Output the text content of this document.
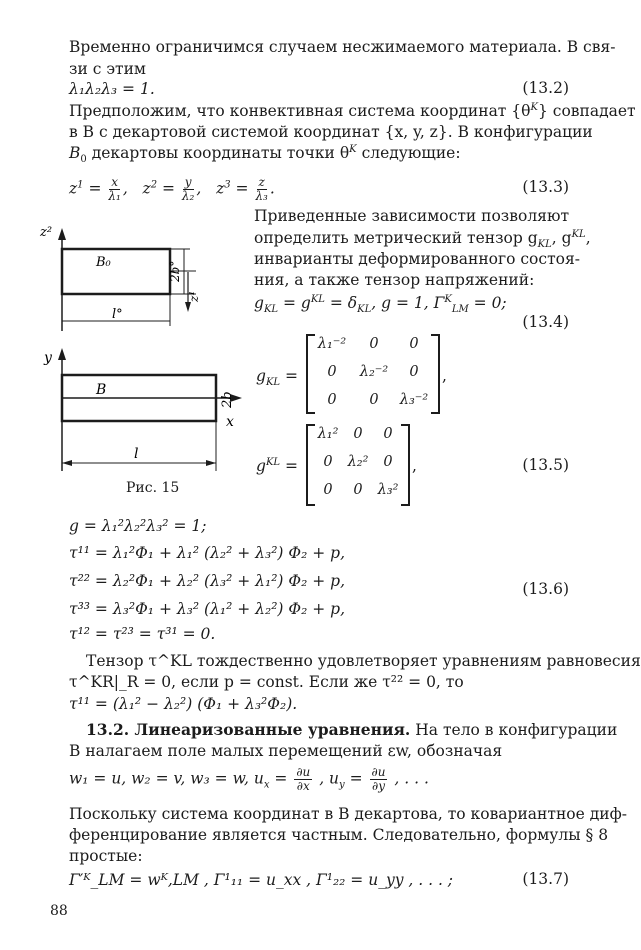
Временно ограничимся случаем несжимаемого материала. В свя-
зи с этим
λ₁λ₂λ₃ = 1.	(13.2)
Предположим, что конвективная система координат $\{\theta^K\}$ совпадает
в B с декартовой системой координат {x, y, z}. В конфигурации
$B_0$ декартовы координаты точки $\theta^K$ следующие:
$z^1 = \frac{x}{\text{λ₁}}$ ,   $z^2 = \frac{y}{\text{λ₂}}$ ,   $z^3 = \frac{z}{\text{λ₃}}$ .	(13.3)
z²
B₀	2b°
l°
z¹
y
x
B
2b
l
Рис. 15
Приведенные зависимости позволяют
определить метрический тензор $g_{KL}$, $g^{KL}$,
инварианты деформированного состоя-
ния, а также тензор напряжений:
$g_{KL} = g^{KL} = \delta_{KL}$, g = 1, $\Gamma^K_{LM} = 0$;
(13.4)
$g_{KL}$ =
λ₁⁻²	0	0
0	λ₂⁻²	0
0	0	λ₃⁻²
,
$g^{KL}$ =
λ₁²	0	0
0	λ₂²	0
0	0	λ₃²
,	(13.5)
g = λ₁²λ₂²λ₃² = 1;
τ¹¹ = λ₁²Φ₁ + λ₁² (λ₂² + λ₃²) Φ₂ + p,
τ²² = λ₂²Φ₁ + λ₂² (λ₃² + λ₁²) Φ₂ + p,
τ³³ = λ₃²Φ₁ + λ₃² (λ₁² + λ₂²) Φ₂ + p,
τ¹² = τ²³ = τ³¹ = 0.
(13.6)
Тензор τ^KL тождественно удовлетворяет уравнениям равновесия
τ^KR|_R = 0, если p = const. Если же τ²² = 0, то
τ¹¹ = (λ₁² − λ₂²) (Φ₁ + λ₃²Φ₂).
13.2. Линеаризованные уравнения. На тело в конфигурации
B налагаем поле малых перемещений εw, обозначая
w₁ = u, w₂ = v, w₃ = w, $u_x = \frac{\partial u}{\partial x}$ , $u_y = \frac{\partial u}{\partial y}$ , . . .
Поскольку система координат в B декартова, то ковариантное диф-
ференцирование является частным. Следовательно, формулы § 8
простые:
Γ′ᴷ_LM = wᴷ,LM , Γ¹₁₁ = u_xx , Γ¹₂₂ = u_yy , . . . ;	(13.7)
88
